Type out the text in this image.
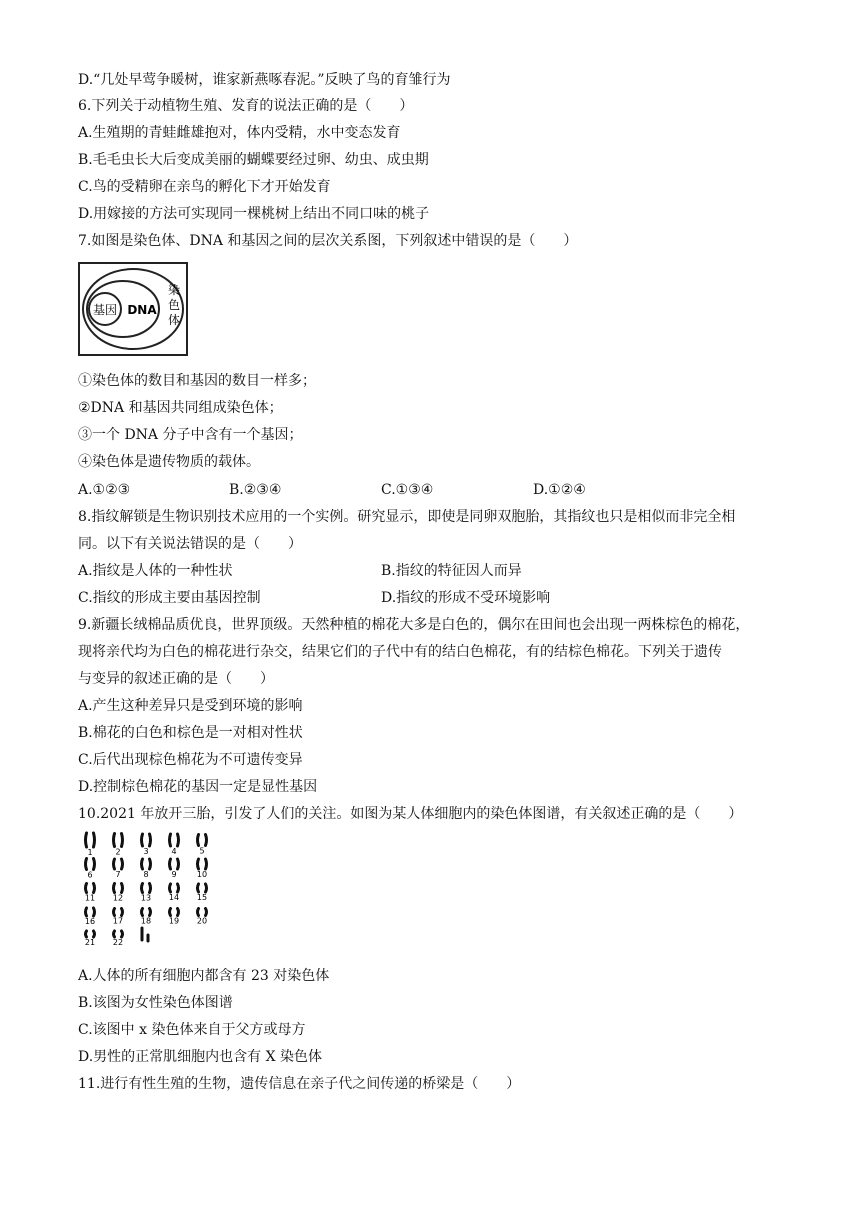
D.“几处早莺争暖树，谁家新燕啄春泥。”反映了鸟的育雏行为
6.下列关于动植物生殖、发育的说法正确的是（　　）
A.生殖期的青蛙雌雄抱对，体内受精，水中变态发育
B.毛毛虫长大后变成美丽的蝴蝶要经过卵、幼虫、成虫期
C.鸟的受精卵在亲鸟的孵化下才开始发育
D.用嫁接的方法可实现同一棵桃树上结出不同口味的桃子
7.如图是染色体、DNA 和基因之间的层次关系图，下列叙述中错误的是（　　）
基因 DNA
染色体
①染色体的数目和基因的数目一样多；
②DNA 和基因共同组成染色体；
③一个 DNA 分子中含有一个基因；
④染色体是遗传物质的载体。
A.①②③	B.②③④	C.①③④	D.①②④
8.指纹解锁是生物识别技术应用的一个实例。研究显示，即使是同卵双胞胎，其指纹也只是相似而非完全相
同。以下有关说法错误的是（　　）
A.指纹是人体的一种性状	B.指纹的特征因人而异
C.指纹的形成主要由基因控制	D.指纹的形成不受环境影响
9.新疆长绒棉品质优良，世界顶级。天然种植的棉花大多是白色的，偶尔在田间也会出现一两株棕色的棉花，
现将亲代均为白色的棉花进行杂交，结果它们的子代中有的结白色棉花，有的结棕色棉花。下列关于遗传
与变异的叙述正确的是（　　）
A.产生这种差异只是受到环境的影响
B.棉花的白色和棕色是一对相对性状
C.后代出现棕色棉花为不可遗传变异
D.控制棕色棉花的基因一定是显性基因
10.2021 年放开三胎，引发了人们的关注。如图为某人体细胞内的染色体图谱，有关叙述正确的是（　　）
1	2	3	4	5
6	7	8	9	10
11 12 13 14 15
16 17 18 19 20
21 22
A.人体的所有细胞内都含有 23 对染色体
B.该图为女性染色体图谱
C.该图中 x 染色体来自于父方或母方
D.男性的正常肌细胞内也含有 X 染色体
11.进行有性生殖的生物，遗传信息在亲子代之间传递的桥梁是（　　）
